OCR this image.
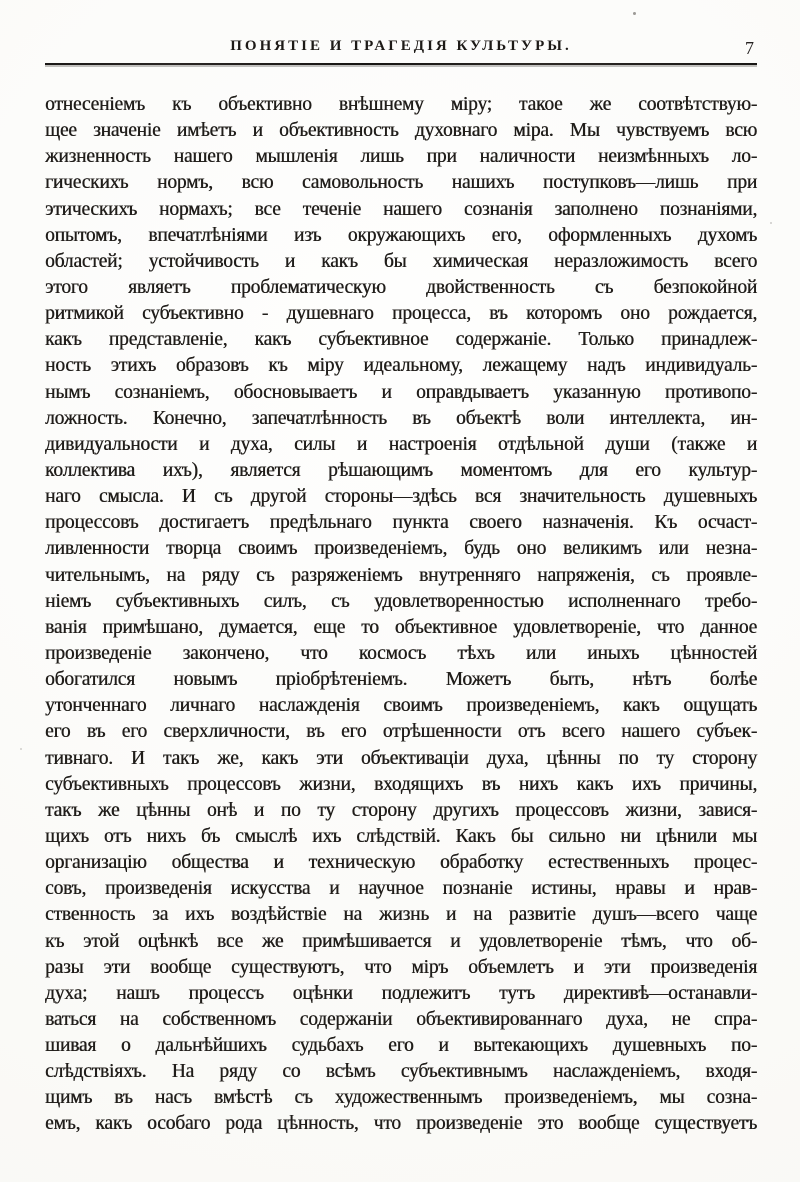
ПОНЯТІЕ И ТРАГЕДІЯ КУЛЬТУРЫ.	7
отнесеніемъ къ объективно внѣшнему міру; такое же соотвѣтствую-
щее значеніе имѣетъ и объективность духовнаго міра. Мы чувствуемъ всю
жизненность нашего мышленія лишь при наличности неизмѣнныхъ ло-
гическихъ нормъ, всю самовольность нашихъ поступковъ—лишь при
этическихъ нормахъ; все теченіе нашего сознанія заполнено познаніями,
опытомъ, впечатлѣніями изъ окружающихъ его, оформленныхъ духомъ
областей; устойчивость и какъ бы химическая неразложимость всего
этого являетъ проблематическую двойственность съ безпокойной
ритмикой субъективно - душевнаго процесса, въ которомъ оно рождается,
какъ представленіе, какъ субъективное содержаніе. Только принадлеж-
ность этихъ образовъ къ міру идеальному, лежащему надъ индивидуаль-
нымъ сознаніемъ, обосновываетъ и оправдываетъ указанную противопо-
ложность. Конечно, запечатлѣнность въ объектѣ воли интеллекта, ин-
дивидуальности и духа, силы и настроенія отдѣльной души (также и
коллектива ихъ), является рѣшающимъ моментомъ для его культур-
наго смысла. И съ другой стороны—здѣсь вся значительность душевныхъ
процессовъ достигаетъ предѣльнаго пункта своего назначенія. Къ осчаст-
ливленности творца своимъ произведеніемъ, будь оно великимъ или незна-
чительнымъ, на ряду съ разряженіемъ внутренняго напряженія, съ проявле-
ніемъ субъективныхъ силъ, съ удовлетворенностью исполненнаго требо-
ванія примѣшано, думается, еще то объективное удовлетвореніе, что данное
произведеніе закончено, что космосъ тѣхъ или иныхъ цѣнностей
обогатился новымъ пріобрѣтеніемъ. Можетъ быть, нѣтъ болѣе
утонченнаго личнаго наслажденія своимъ произведеніемъ, какъ ощущать
его въ его сверхличности, въ его отрѣшенности отъ всего нашего субъек-
тивнаго. И такъ же, какъ эти объективаціи духа, цѣнны по ту сторону
субъективныхъ процессовъ жизни, входящихъ въ нихъ какъ ихъ причины,
такъ же цѣнны онѣ и по ту сторону другихъ процессовъ жизни, завися-
щихъ отъ нихъ бъ смыслѣ ихъ слѣдствій. Какъ бы сильно ни цѣнили мы
организацію общества и техническую обработку естественныхъ процес-
совъ, произведенія искусства и научное познаніе истины, нравы и нрав-
ственность за ихъ воздѣйствіе на жизнь и на развитіе душъ—всего чаще
къ этой оцѣнкѣ все же примѣшивается и удовлетвореніе тѣмъ, что об-
разы эти вообще существуютъ, что міръ объемлетъ и эти произведенія
духа; нашъ процессъ оцѣнки подлежитъ тутъ директивѣ—останавли-
ваться на собственномъ содержаніи объективированнаго духа, не спра-
шивая о дальнѣйшихъ судьбахъ его и вытекающихъ душевныхъ по-
слѣдствіяхъ. На ряду со всѣмъ субъективнымъ наслажденіемъ, входя-
щимъ въ насъ вмѣстѣ съ художественнымъ произведеніемъ, мы созна-
емъ, какъ особаго рода цѣнность, что произведеніе это вообще существуетъ
